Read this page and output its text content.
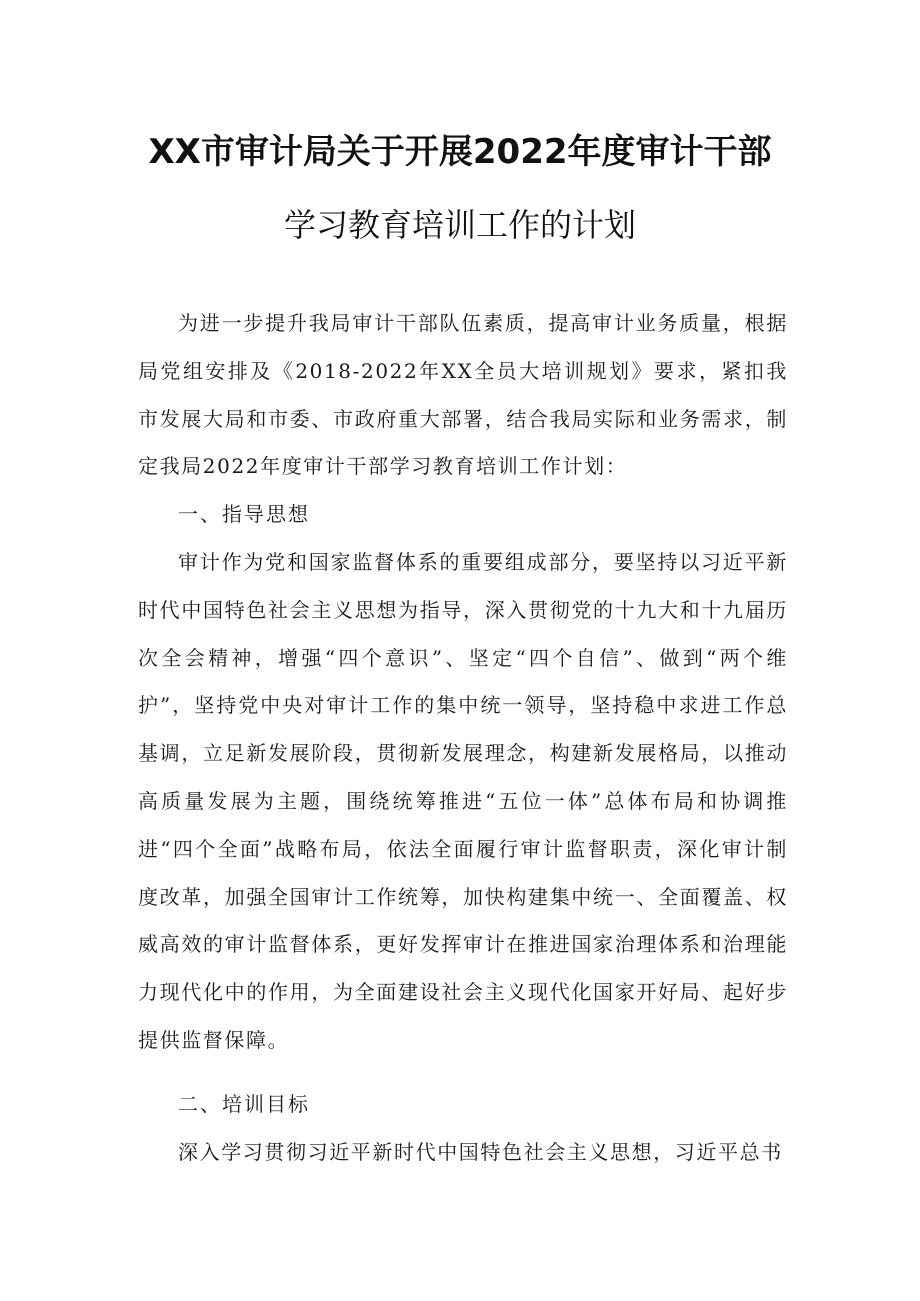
XX市审计局关于开展2022年度审计干部
学习教育培训工作的计划

为进一步提升我局审计干部队伍素质，提高审计业务质量，根据局党组安排及《2018-2022年XX全员大培训规划》要求，紧扣我市发展大局和市委、市政府重大部署，结合我局实际和业务需求，制定我局2022年度审计干部学习教育培训工作计划：

一、指导思想

审计作为党和国家监督体系的重要组成部分，要坚持以习近平新时代中国特色社会主义思想为指导，深入贯彻党的十九大和十九届历次全会精神，增强“四个意识”、坚定“四个自信”、做到“两个维护”，坚持党中央对审计工作的集中统一领导，坚持稳中求进工作总基调，立足新发展阶段，贯彻新发展理念，构建新发展格局，以推动高质量发展为主题，围绕统筹推进“五位一体”总体布局和协调推进“四个全面”战略布局，依法全面履行审计监督职责，深化审计制度改革，加强全国审计工作统筹，加快构建集中统一、全面覆盖、权威高效的审计监督体系，更好发挥审计在推进国家治理体系和治理能力现代化中的作用，为全面建设社会主义现代化国家开好局、起好步提供监督保障。

二、培训目标

深入学习贯彻习近平新时代中国特色社会主义思想，习近平总书
